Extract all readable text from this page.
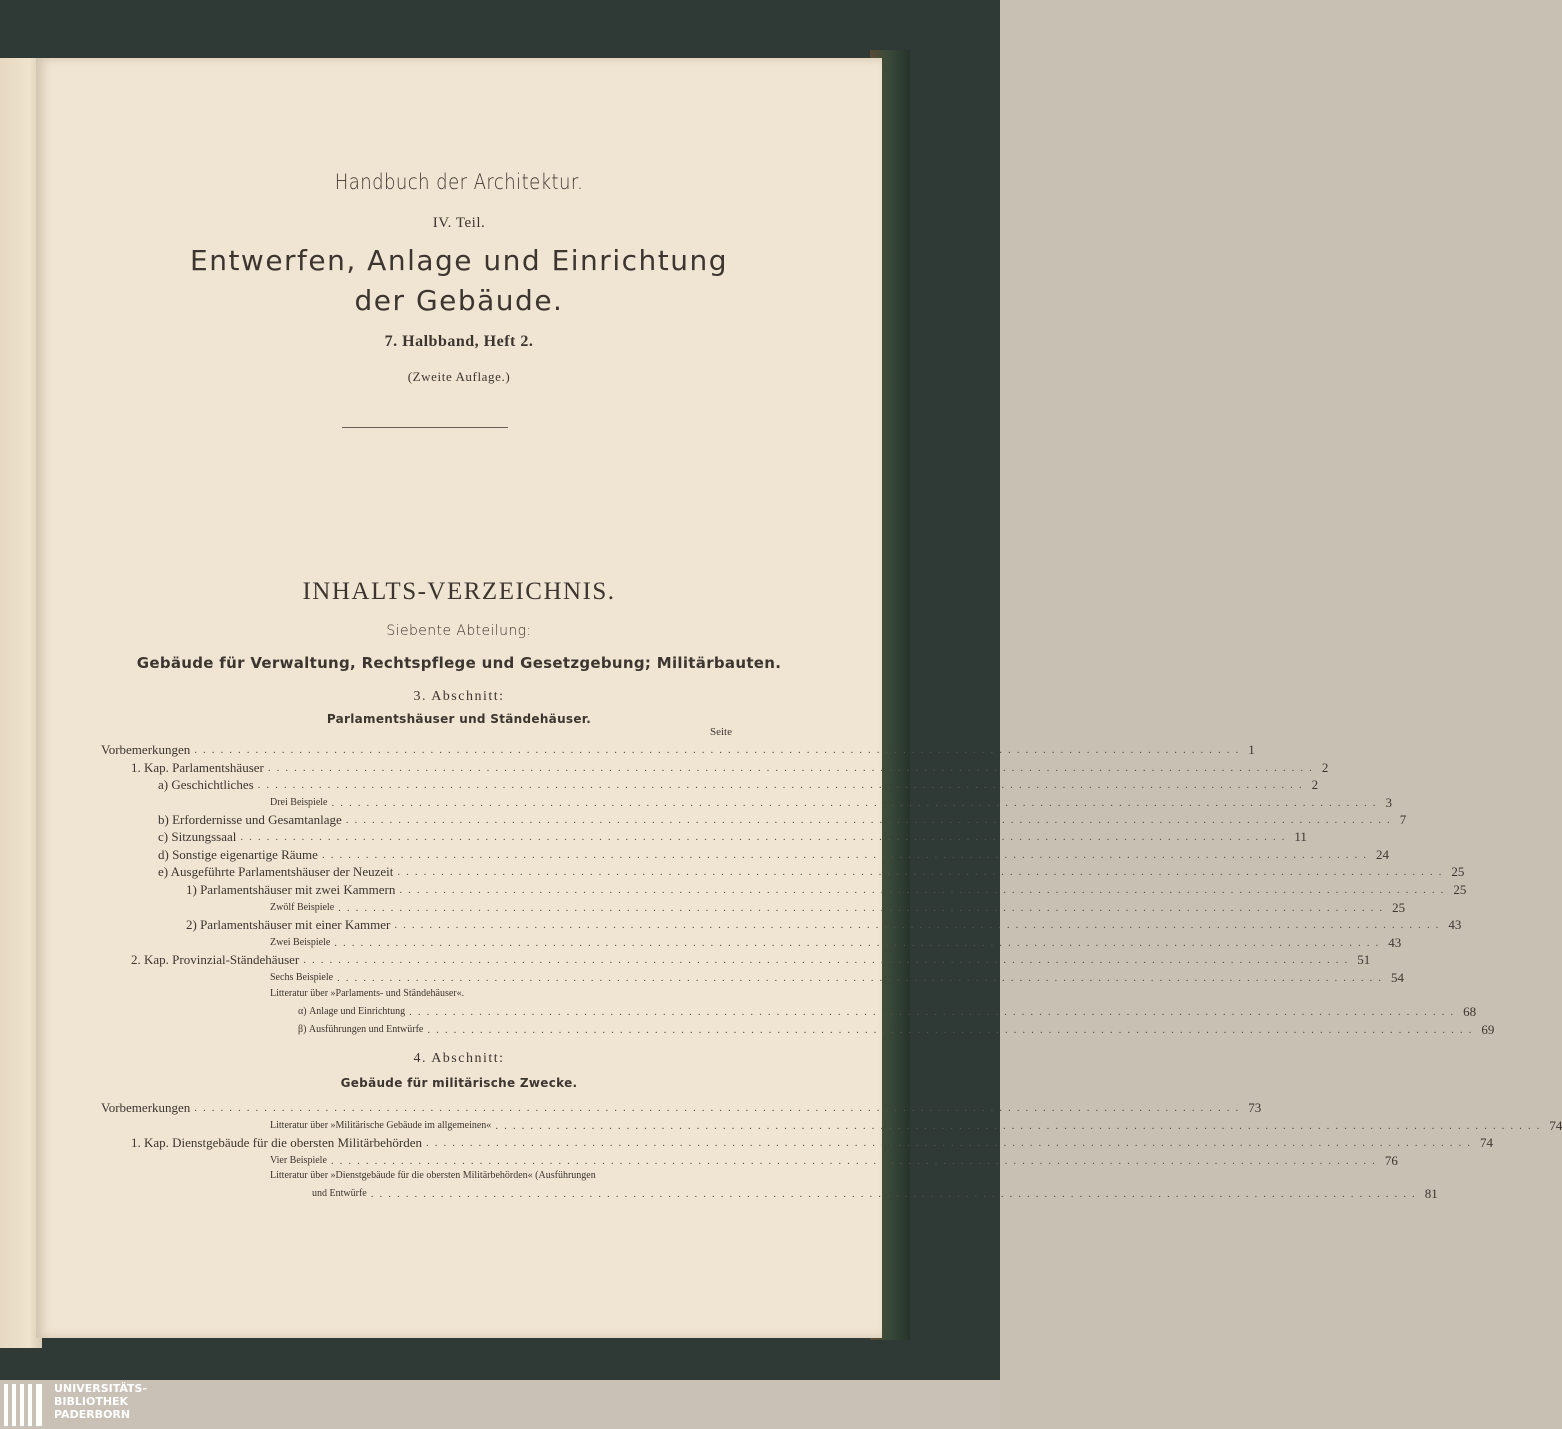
Handbuch der Architektur.
IV. Teil.
Entwerfen, Anlage und Einrichtung
der Gebäude.
7. Halbband, Heft 2.
(Zweite Auflage.)
INHALTS-VERZEICHNIS.
Siebente Abteilung:
Gebäude für Verwaltung, Rechtspflege und Gesetzgebung; Militärbauten.
3. Abschnitt:
Parlamentshäuser und Ständehäuser.
Seite
Vorbemerkungen ........................................................................................................................ 1
1. Kap. Parlamentshäuser ........................................................................................................................ 2
a) Geschichtliches ........................................................................................................................ 2
Drei Beispiele ........................................................................................................................ 3
b) Erfordernisse und Gesamtanlage ........................................................................................................................ 7
c) Sitzungssaal ........................................................................................................................ 11
d) Sonstige eigenartige Räume ........................................................................................................................ 24
e) Ausgeführte Parlamentshäuser der Neuzeit ........................................................................................................................ 25
1) Parlamentshäuser mit zwei Kammern ........................................................................................................................ 25
Zwölf Beispiele ........................................................................................................................ 25
2) Parlamentshäuser mit einer Kammer ........................................................................................................................ 43
Zwei Beispiele ........................................................................................................................ 43
2. Kap. Provinzial-Ständehäuser ........................................................................................................................ 51
Sechs Beispiele ........................................................................................................................ 54
Litteratur über »Parlaments- und Ständehäuser«.
α) Anlage und Einrichtung ........................................................................................................................ 68
β) Ausführungen und Entwürfe ........................................................................................................................ 69
4. Abschnitt:
Gebäude für militärische Zwecke.
Vorbemerkungen ........................................................................................................................ 73
Litteratur über »Militärische Gebäude im allgemeinen« ........................................................................................................................ 74
1. Kap. Dienstgebäude für die obersten Militärbehörden ........................................................................................................................ 74
Vier Beispiele ........................................................................................................................ 76
Litteratur über »Dienstgebäude für die obersten Militärbehörden« (Ausführungen
und Entwürfe ........................................................................................................................ 81
UNIVERSITÄTS-
BIBLIOTHEK
PADERBORN
